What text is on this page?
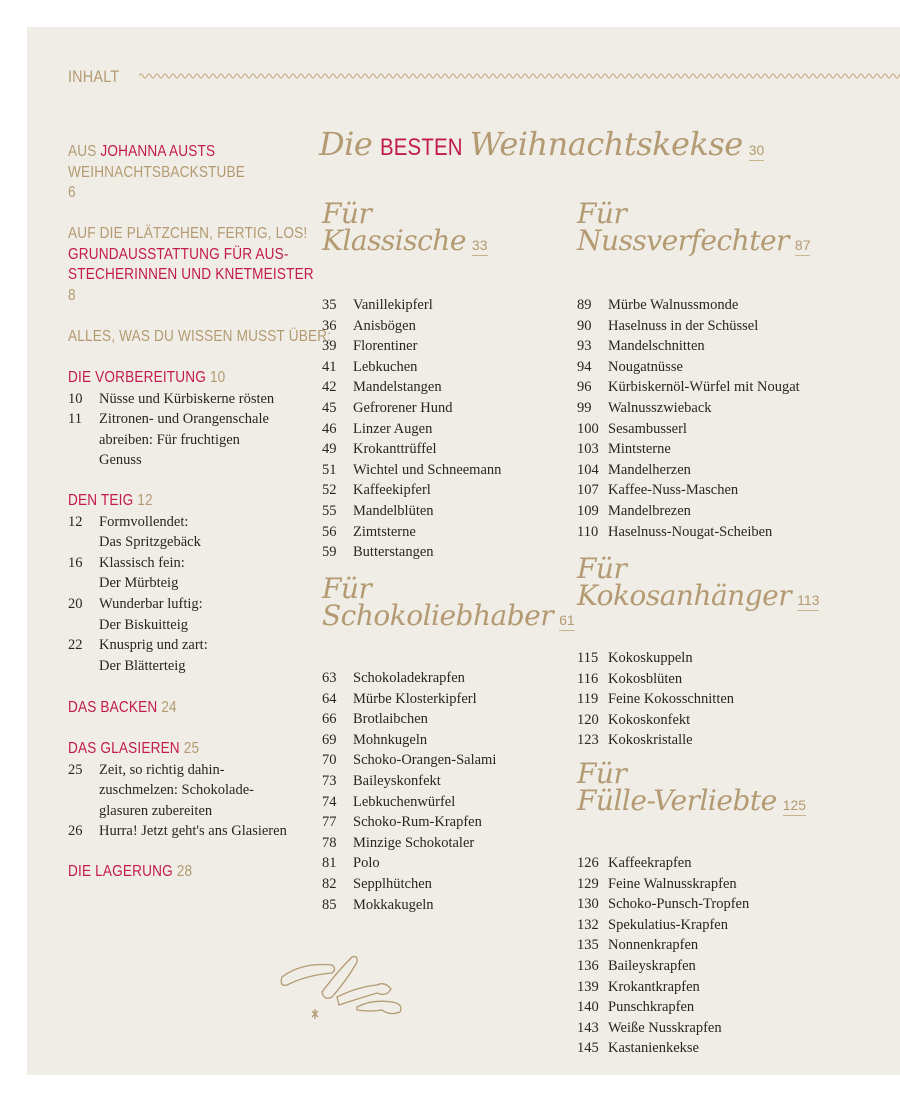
INHALT
AUS JOHANNA AUSTS
WEIHNACHTSBACKSTUBE
6
AUF DIE PLÄTZCHEN, FERTIG, LOS!
GRUNDAUSSTATTUNG FÜR AUS-
STECHERINNEN UND KNETMEISTER
8
ALLES, WAS DU WISSEN MUSST ÜBER:
DIE VORBEREITUNG 10
10	Nüsse und Kürbiskerne rösten
11	Zitronen- und Orangenschale
abreiben: Für fruchtigen
Genuss
DEN TEIG 12
12	Formvollendet:
Das Spritzgebäck
16	Klassisch fein:
Der Mürbteig
20	Wunderbar luftig:
Der Biskuitteig
22	Knusprig und zart:
Der Blätterteig
DAS BACKEN 24
DAS GLASIEREN 25
25	Zeit, so richtig dahin-
zuschmelzen: Schokolade-
glasuren zubereiten
26	Hurra! Jetzt geht's ans Glasieren
DIE LAGERUNG 28
Die BESTEN Weihnachtskekse 30
Für
Klassische 33
35	Vanillekipferl
36	Anisbögen
39	Florentiner
41	Lebkuchen
42	Mandelstangen
45	Gefrorener Hund
46	Linzer Augen
49	Krokanttrüffel
51	Wichtel und Schneemann
52	Kaffeekipferl
55	Mandelblüten
56	Zimtsterne
59	Butterstangen
Für
Schokoliebhaber 61
63	Schokoladekrapfen
64	Mürbe Klosterkipferl
66	Brotlaibchen
69	Mohnkugeln
70	Schoko-Orangen-Salami
73	Baileyskonfekt
74	Lebkuchenwürfel
77	Schoko-Rum-Krapfen
78	Minzige Schokotaler
81	Polo
82	Sepplhütchen
85	Mokkakugeln
Für
Nussverfechter 87
89	Mürbe Walnussmonde
90	Haselnuss in der Schüssel
93	Mandelschnitten
94	Nougatnüsse
96	Kürbiskernöl-Würfel mit Nougat
99	Walnusszwieback
100 Sesambusserl
103 Mintsterne
104 Mandelherzen
107 Kaffee-Nuss-Maschen
109 Mandelbrezen
110 Haselnuss-Nougat-Scheiben
Für
Kokosanhänger 113
115 Kokoskuppeln
116 Kokosblüten
119 Feine Kokosschnitten
120 Kokoskonfekt
123 Kokoskristalle
Für
Fülle-Verliebte 125
126 Kaffeekrapfen
129 Feine Walnusskrapfen
130 Schoko-Punsch-Tropfen
132 Spekulatius-Krapfen
135 Nonnenkrapfen
136 Baileyskrapfen
139 Krokantkrapfen
140 Punschkrapfen
143 Weiße Nusskrapfen
145 Kastanienkekse
